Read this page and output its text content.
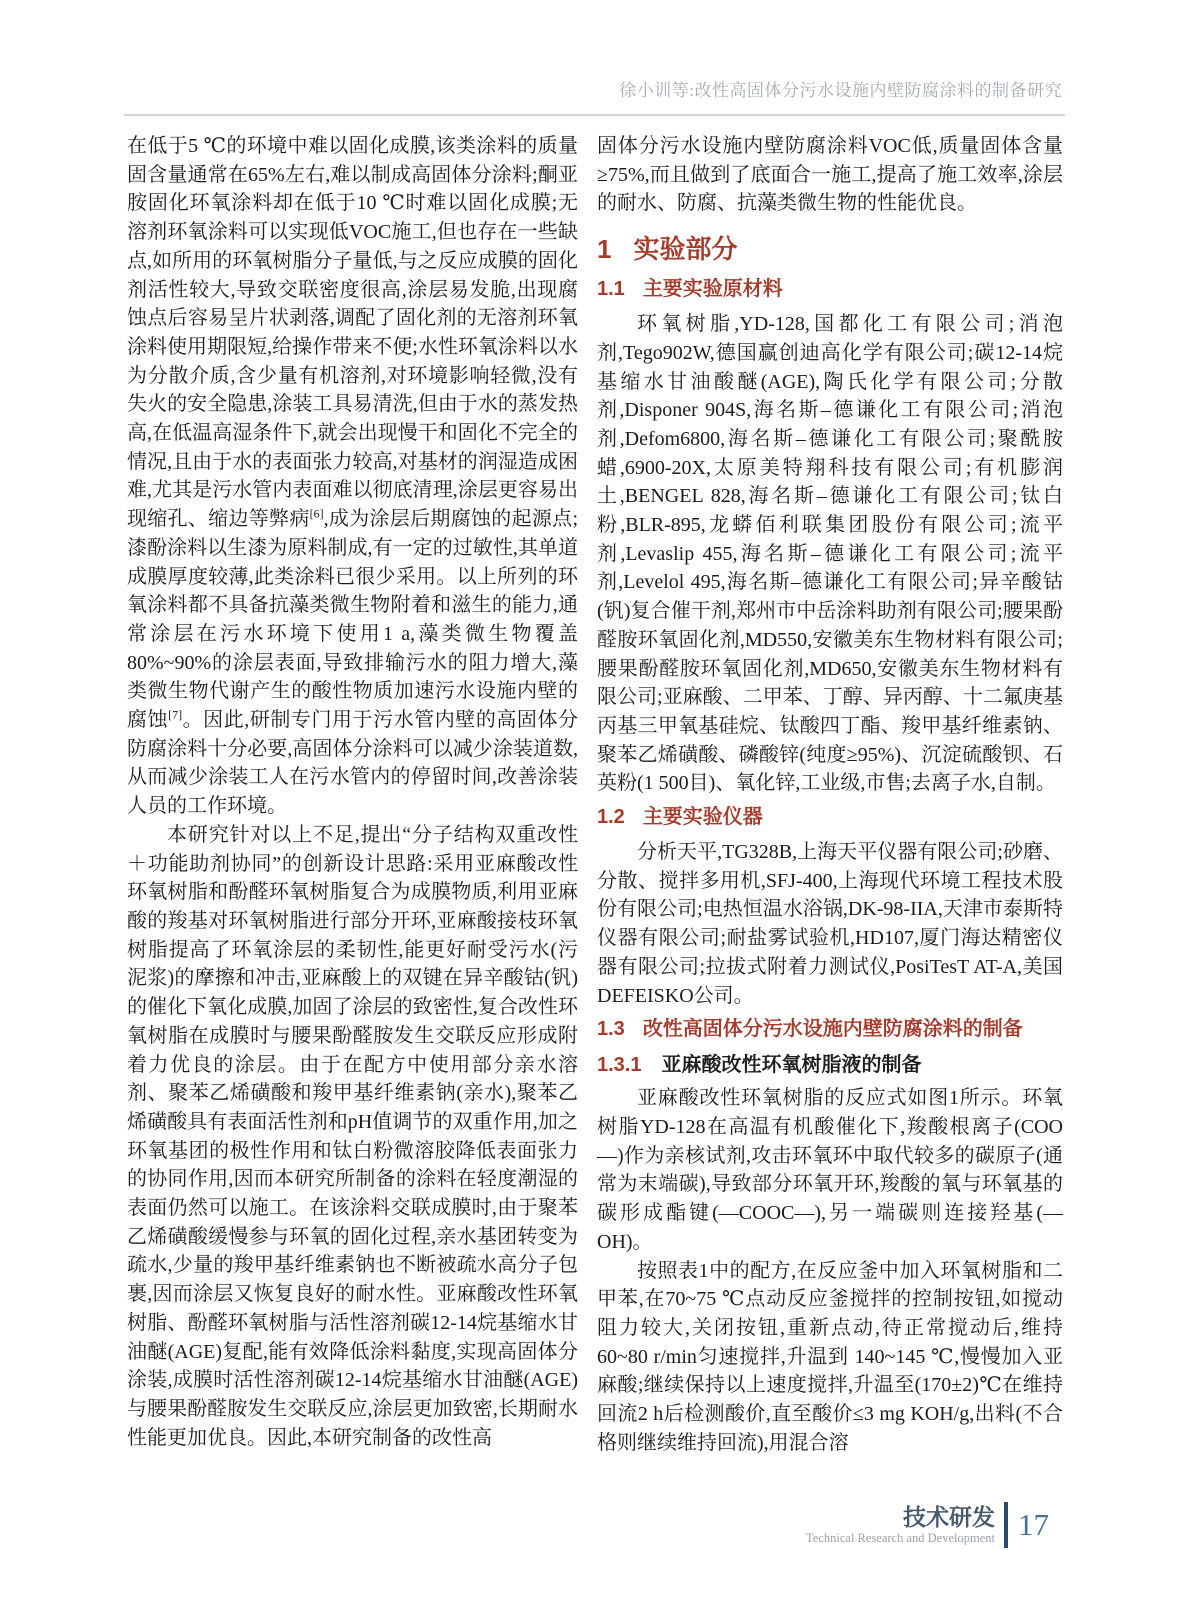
徐小训等:改性高固体分污水设施内壁防腐涂料的制备研究

在低于5 ℃的环境中难以固化成膜,该类涂料的质量固含量通常在65%左右,难以制成高固体分涂料;酮亚胺固化环氧涂料却在低于10 ℃时难以固化成膜;无溶剂环氧涂料可以实现低VOC施工,但也存在一些缺点,如所用的环氧树脂分子量低,与之反应成膜的固化剂活性较大,导致交联密度很高,涂层易发脆,出现腐蚀点后容易呈片状剥落,调配了固化剂的无溶剂环氧涂料使用期限短,给操作带来不便;水性环氧涂料以水为分散介质,含少量有机溶剂,对环境影响轻微,没有失火的安全隐患,涂装工具易清洗,但由于水的蒸发热高,在低温高湿条件下,就会出现慢干和固化不完全的情况,且由于水的表面张力较高,对基材的润湿造成困难,尤其是污水管内表面难以彻底清理,涂层更容易出现缩孔、缩边等弊病[6],成为涂层后期腐蚀的起源点;漆酚涂料以生漆为原料制成,有一定的过敏性,其单道成膜厚度较薄,此类涂料已很少采用。以上所列的环氧涂料都不具备抗藻类微生物附着和滋生的能力,通常涂层在污水环境下使用1 a,藻类微生物覆盖80%~90%的涂层表面,导致排输污水的阻力增大,藻类微生物代谢产生的酸性物质加速污水设施内壁的腐蚀[7]。因此,研制专门用于污水管内壁的高固体分防腐涂料十分必要,高固体分涂料可以减少涂装道数,从而减少涂装工人在污水管内的停留时间,改善涂装人员的工作环境。

本研究针对以上不足,提出“分子结构双重改性＋功能助剂协同”的创新设计思路:采用亚麻酸改性环氧树脂和酚醛环氧树脂复合为成膜物质,利用亚麻酸的羧基对环氧树脂进行部分开环,亚麻酸接枝环氧树脂提高了环氧涂层的柔韧性,能更好耐受污水(污泥浆)的摩擦和冲击,亚麻酸上的双键在异辛酸钴(钒)的催化下氧化成膜,加固了涂层的致密性,复合改性环氧树脂在成膜时与腰果酚醛胺发生交联反应形成附着力优良的涂层。由于在配方中使用部分亲水溶剂、聚苯乙烯磺酸和羧甲基纤维素钠(亲水),聚苯乙烯磺酸具有表面活性剂和pH值调节的双重作用,加之环氧基团的极性作用和钛白粉微溶胶降低表面张力的协同作用,因而本研究所制备的涂料在轻度潮湿的表面仍然可以施工。在该涂料交联成膜时,由于聚苯乙烯磺酸缓慢参与环氧的固化过程,亲水基团转变为疏水,少量的羧甲基纤维素钠也不断被疏水高分子包裹,因而涂层又恢复良好的耐水性。亚麻酸改性环氧树脂、酚醛环氧树脂与活性溶剂碳12-14烷基缩水甘油醚(AGE)复配,能有效降低涂料黏度,实现高固体分涂装,成膜时活性溶剂碳12-14烷基缩水甘油醚(AGE)与腰果酚醛胺发生交联反应,涂层更加致密,长期耐水性能更加优良。因此,本研究制备的改性高

固体分污水设施内壁防腐涂料VOC低,质量固体含量≥75%,而且做到了底面合一施工,提高了施工效率,涂层的耐水、防腐、抗藻类微生物的性能优良。

1 实验部分
1.1 主要实验原材料

环氧树脂,YD-128,国都化工有限公司;消泡剂,Tego902W,德国赢创迪高化学有限公司;碳12-14烷基缩水甘油酸醚(AGE),陶氏化学有限公司;分散剂,Disponer 904S,海名斯–德谦化工有限公司;消泡剂,Defom6800,海名斯–德谦化工有限公司;聚酰胺蜡,6900-20X,太原美特翔科技有限公司;有机膨润土,BENGEL 828,海名斯–德谦化工有限公司;钛白粉,BLR-895,龙蟒佰利联集团股份有限公司;流平剂,Levaslip 455,海名斯–德谦化工有限公司;流平剂,Levelol 495,海名斯–德谦化工有限公司;异辛酸钴(钒)复合催干剂,郑州市中岳涂料助剂有限公司;腰果酚醛胺环氧固化剂,MD550,安徽美东生物材料有限公司;腰果酚醛胺环氧固化剂,MD650,安徽美东生物材料有限公司;亚麻酸、二甲苯、丁醇、异丙醇、十二氟庚基丙基三甲氧基硅烷、钛酸四丁酯、羧甲基纤维素钠、聚苯乙烯磺酸、磷酸锌(纯度≥95%)、沉淀硫酸钡、石英粉(1 500目)、氧化锌,工业级,市售;去离子水,自制。

1.2 主要实验仪器

分析天平,TG328B,上海天平仪器有限公司;砂磨、分散、搅拌多用机,SFJ-400,上海现代环境工程技术股份有限公司;电热恒温水浴锅,DK-98-IIA,天津市泰斯特仪器有限公司;耐盐雾试验机,HD107,厦门海达精密仪器有限公司;拉拔式附着力测试仪,PosiTesT AT-A,美国DEFEISKO公司。

1.3 改性高固体分污水设施内壁防腐涂料的制备
1.3.1 亚麻酸改性环氧树脂液的制备

亚麻酸改性环氧树脂的反应式如图1所示。环氧树脂YD-128在高温有机酸催化下,羧酸根离子(COO—)作为亲核试剂,攻击环氧环中取代较多的碳原子(通常为末端碳),导致部分环氧开环,羧酸的氧与环氧基的碳形成酯键(—COOC—),另一端碳则连接羟基(—OH)。

按照表1中的配方,在反应釜中加入环氧树脂和二甲苯,在70~75 ℃点动反应釜搅拌的控制按钮,如搅动阻力较大,关闭按钮,重新点动,待正常搅动后,维持60~80 r/min匀速搅拌,升温到 140~145 ℃,慢慢加入亚麻酸;继续保持以上速度搅拌,升温至(170±2)℃在维持回流2 h后检测酸价,直至酸价≤3 mg KOH/g,出料(不合格则继续维持回流),用混合溶

技术研发
Technical Research and Development 17
